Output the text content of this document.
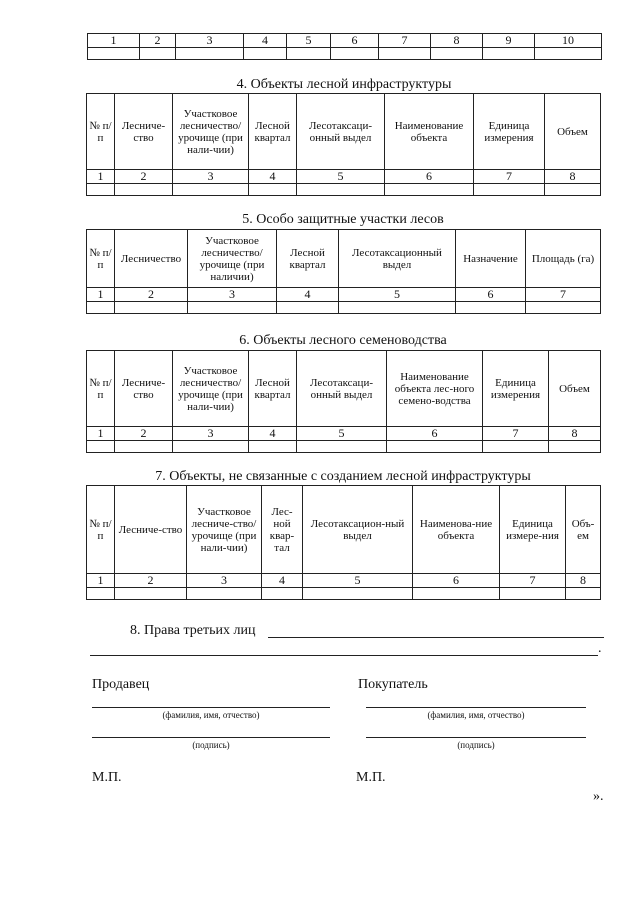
1	2	3	4	5	6	7	8	9	10

4. Объекты лесной инфраструктуры
№ п/п	Лесниче-ство	Участковое лесничество/ урочище (при нали-чии)	Лесной квартал	Лесотаксаци-онный выдел	Наименование объекта	Единица измерения	Объем
1	2	3	4	5	6	7	8

5. Особо защитные участки лесов
№ п/п	Лесничество	Участковое лесничество/ урочище (при наличии)	Лесной квартал	Лесотаксационный выдел	Назначение	Площадь (га)
1	2	3	4	5	6	7

6. Объекты лесного семеноводства
№ п/п	Лесниче-ство	Участковое лесничество/ урочище (при нали-чии)	Лесной квартал	Лесотаксаци-онный выдел	Наименование объекта лес-ного семено-водства	Единица измерения	Объем
1	2	3	4	5	6	7	8

7. Объекты, не связанные с созданием лесной инфраструктуры
№ п/ п	Лесниче-ство	Участковое лесниче-ство/ урочище (при нали-чии)	Лес-ной квар-тал	Лесотаксацион-ный выдел	Наименова-ние объекта	Единица измере-ния	Объ-ем
1	2	3	4	5	6	7	8

8. Права третьих лиц
.
Продавец	Покупатель
(фамилия, имя, отчество)	(фамилия, имя, отчество)
(подпись)	(подпись)
М.П.	М.П.
».
